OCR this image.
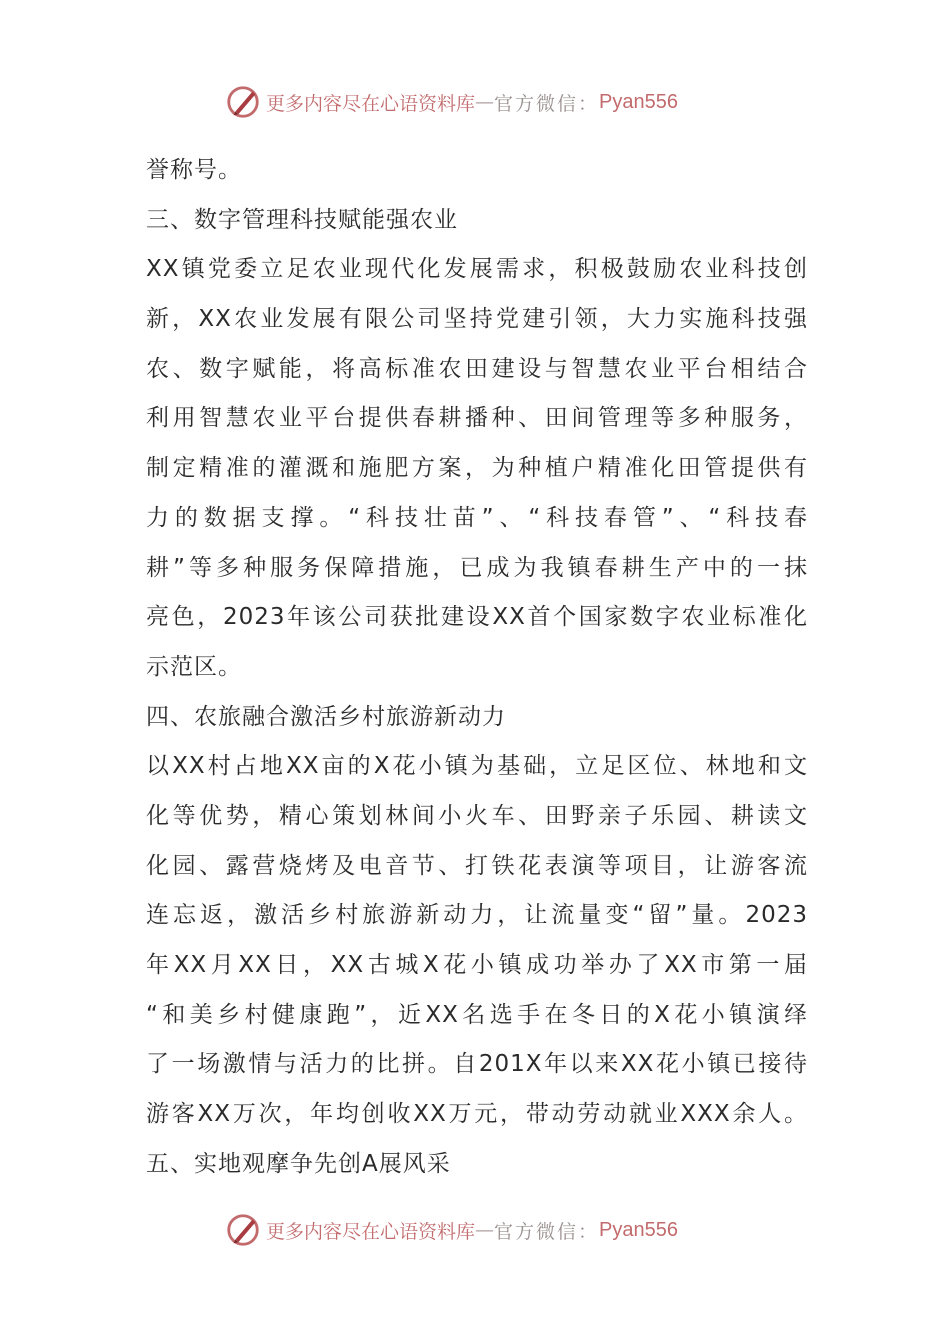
更多内容尽在心语资料库 — 官方微信： Pyan556
誉称号。
三、数字管理科技赋能强农业
XX镇党委立足农业现代化发展需求，积极鼓励农业科技创
新，XX农业发展有限公司坚持党建引领，大力实施科技强
农、数字赋能，将高标准农田建设与智慧农业平台相结合
利用智慧农业平台提供春耕播种、田间管理等多种服务，
制定精准的灌溉和施肥方案，为种植户精准化田管提供有
力的数据支撑。“科技壮苗”、“科技春管”、“科技春
耕”等多种服务保障措施，已成为我镇春耕生产中的一抹
亮色，2023年该公司获批建设XX首个国家数字农业标准化
示范区。
四、农旅融合激活乡村旅游新动力
以XX村占地XX亩的X花小镇为基础，立足区位、林地和文
化等优势，精心策划林间小火车、田野亲子乐园、耕读文
化园、露营烧烤及电音节、打铁花表演等项目，让游客流
连忘返，激活乡村旅游新动力，让流量变“留”量。2023
年XX月XX日，XX古城X花小镇成功举办了XX市第一届
“和美乡村健康跑”，近XX名选手在冬日的X花小镇演绎
了一场激情与活力的比拼。自201X年以来XX花小镇已接待
游客XX万次，年均创收XX万元，带动劳动就业XXX余人。
五、实地观摩争先创A展风采
更多内容尽在心语资料库 — 官方微信： Pyan556
